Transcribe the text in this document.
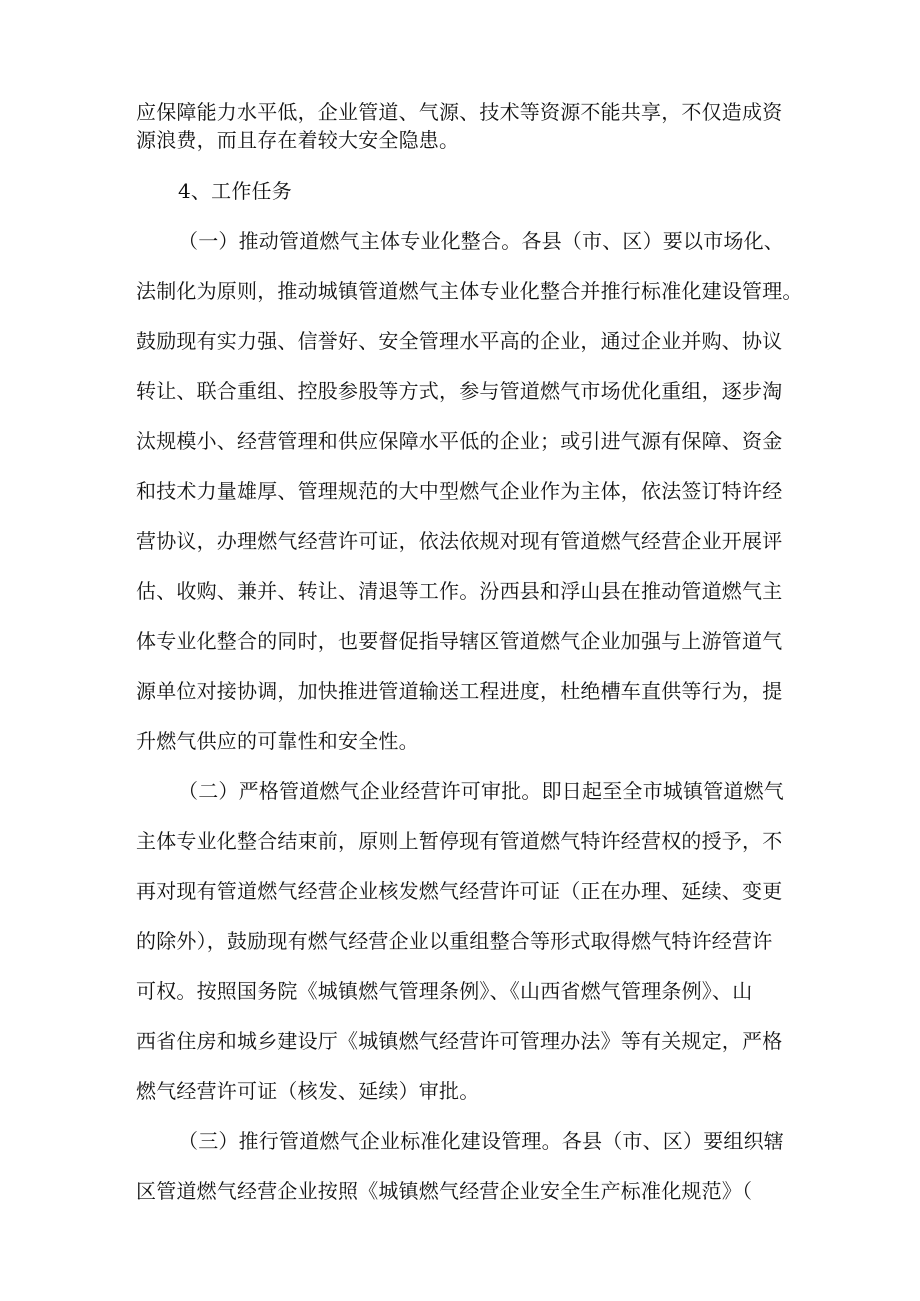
应保障能力水平低，企业管道、气源、技术等资源不能共享，不仅造成资
源浪费，而且存在着较大安全隐患。
4、工作任务
（一）推动管道燃气主体专业化整合。各县（市、区）要以市场化、
法制化为原则，推动城镇管道燃气主体专业化整合并推行标准化建设管理。
鼓励现有实力强、信誉好、安全管理水平高的企业，通过企业并购、协议
转让、联合重组、控股参股等方式，参与管道燃气市场优化重组，逐步淘
汰规模小、经营管理和供应保障水平低的企业；或引进气源有保障、资金
和技术力量雄厚、管理规范的大中型燃气企业作为主体，依法签订特许经
营协议，办理燃气经营许可证，依法依规对现有管道燃气经营企业开展评
估、收购、兼并、转让、清退等工作。汾西县和浮山县在推动管道燃气主
体专业化整合的同时，也要督促指导辖区管道燃气企业加强与上游管道气
源单位对接协调，加快推进管道输送工程进度，杜绝槽车直供等行为，提
升燃气供应的可靠性和安全性。
（二）严格管道燃气企业经营许可审批。即日起至全市城镇管道燃气
主体专业化整合结束前，原则上暂停现有管道燃气特许经营权的授予，不
再对现有管道燃气经营企业核发燃气经营许可证（正在办理、延续、变更
的除外），鼓励现有燃气经营企业以重组整合等形式取得燃气特许经营许
可权。按照国务院《城镇燃气管理条例》、《山西省燃气管理条例》、山
西省住房和城乡建设厅《城镇燃气经营许可管理办法》等有关规定，严格
燃气经营许可证（核发、延续）审批。
（三）推行管道燃气企业标准化建设管理。各县（市、区）要组织辖
区管道燃气经营企业按照《城镇燃气经营企业安全生产标准化规范》（
